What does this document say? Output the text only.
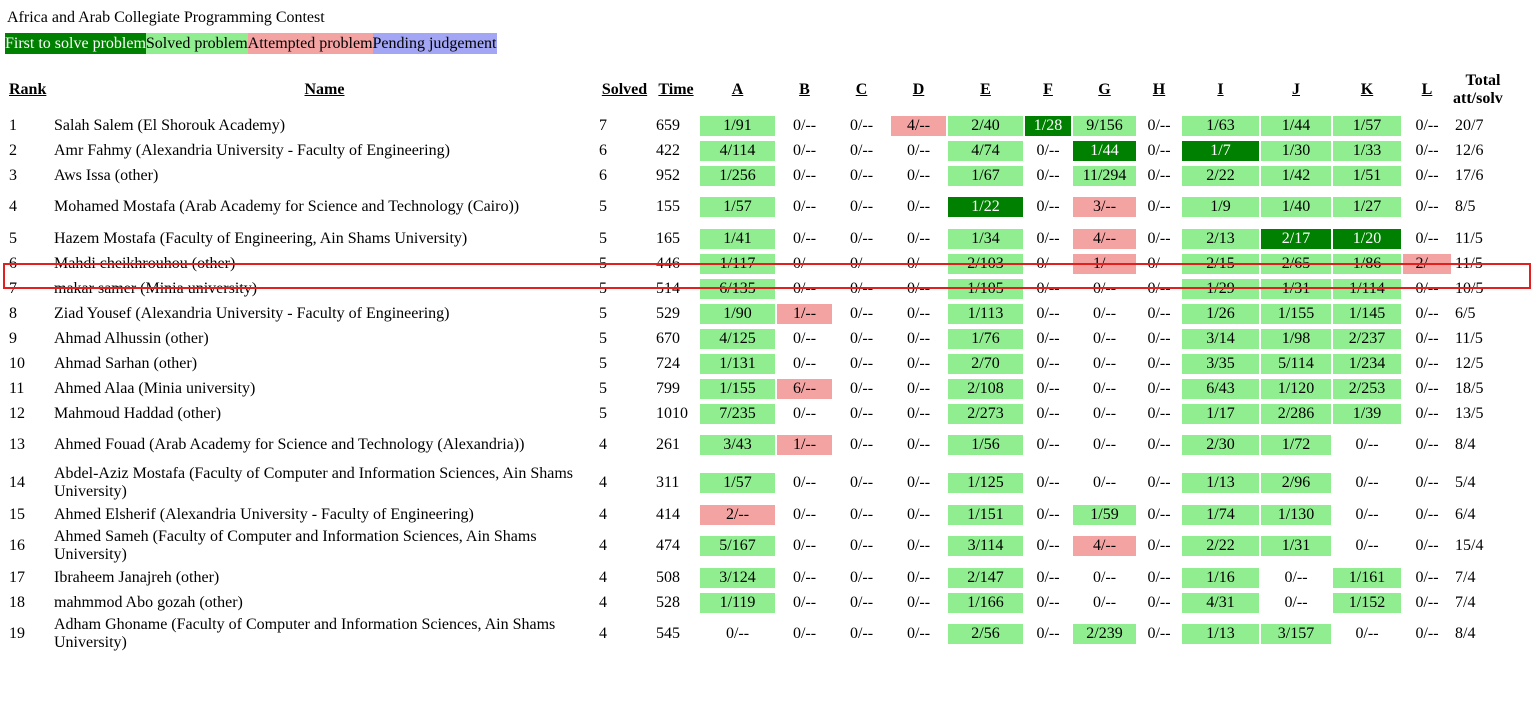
Africa and Arab Collegiate Programming Contest
First to solve problem Solved problem Attempted problem Pending judgement
Rank	Name	Solved	Time	A	B	C	D	E	F	G	H	I	J	K	L	Total
att/solv

1	Salah Salem (El Shorouk Academy)	7	659	1/91	0/--	0/--	4/--	2/40	1/28	9/156	0/--	1/63	1/44	1/57	0/--	20/7
2	Amr Fahmy (Alexandria University - Faculty of Engineering)	6	422	4/114	0/--	0/--	0/--	4/74	0/--	1/44	0/--	1/7	1/30	1/33	0/--	12/6
3	Aws Issa (other)	6	952	1/256	0/--	0/--	0/--	1/67	0/--	11/294	0/--	2/22	1/42	1/51	0/--	17/6
4	Mohamed Mostafa (Arab Academy for Science and Technology (Cairo))	5	155	1/57	0/--	0/--	0/--	1/22	0/--	3/--	0/--	1/9	1/40	1/27	0/--	8/5
5	Hazem Mostafa (Faculty of Engineering, Ain Shams University)	5	165	1/41	0/--	0/--	0/--	1/34	0/--	4/--	0/--	2/13	2/17	1/20	0/--	11/5
6	Mahdi cheikhrouhou (other)	5	446	1/117	0/--	0/--	0/--	2/103	0/--	1/--	0/--	2/15	2/65	1/86	2/--	11/5
7	makar samer (Minia university)	5	514	6/135	0/--	0/--	0/--	1/105	0/--	0/--	0/--	1/29	1/31	1/114	0/--	10/5
8	Ziad Yousef (Alexandria University - Faculty of Engineering)	5	529	1/90	1/--	0/--	0/--	1/113	0/--	0/--	0/--	1/26	1/155	1/145	0/--	6/5
9	Ahmad Alhussin (other)	5	670	4/125	0/--	0/--	0/--	1/76	0/--	0/--	0/--	3/14	1/98	2/237	0/--	11/5
10	Ahmad Sarhan (other)	5	724	1/131	0/--	0/--	0/--	2/70	0/--	0/--	0/--	3/35	5/114	1/234	0/--	12/5
11	Ahmed Alaa (Minia university)	5	799	1/155	6/--	0/--	0/--	2/108	0/--	0/--	0/--	6/43	1/120	2/253	0/--	18/5
12	Mahmoud Haddad (other)	5	1010	7/235	0/--	0/--	0/--	2/273	0/--	0/--	0/--	1/17	2/286	1/39	0/--	13/5
13	Ahmed Fouad (Arab Academy for Science and Technology (Alexandria))	4	261	3/43	1/--	0/--	0/--	1/56	0/--	0/--	0/--	2/30	1/72	0/--	0/--	8/4
14	Abdel-Aziz Mostafa (Faculty of Computer and Information Sciences, Ain Shams University)	4	311	1/57	0/--	0/--	0/--	1/125	0/--	0/--	0/--	1/13	2/96	0/--	0/--	5/4
15	Ahmed Elsherif (Alexandria University - Faculty of Engineering)	4	414	2/--	0/--	0/--	0/--	1/151	0/--	1/59	0/--	1/74	1/130	0/--	0/--	6/4
16	Ahmed Sameh (Faculty of Computer and Information Sciences, Ain Shams University)	4	474	5/167	0/--	0/--	0/--	3/114	0/--	4/--	0/--	2/22	1/31	0/--	0/--	15/4
17	Ibraheem Janajreh (other)	4	508	3/124	0/--	0/--	0/--	2/147	0/--	0/--	0/--	1/16	0/--	1/161	0/--	7/4
18	mahmmod Abo gozah (other)	4	528	1/119	0/--	0/--	0/--	1/166	0/--	0/--	0/--	4/31	0/--	1/152	0/--	7/4
19	Adham Ghoname (Faculty of Computer and Information Sciences, Ain Shams University)	4	545	0/--	0/--	0/--	0/--	2/56	0/--	2/239	0/--	1/13	3/157	0/--	0/--	8/4
